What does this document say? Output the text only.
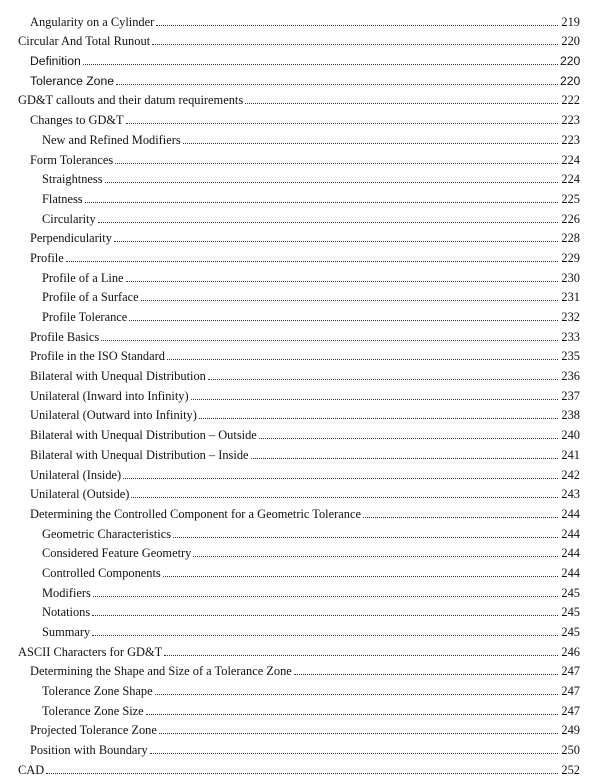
Angularity on a Cylinder	219
Circular And Total Runout	220
Definition	220
Tolerance Zone	220
GD&T callouts and their datum requirements	222
Changes to GD&T	223
New and Refined Modifiers	223
Form Tolerances	224
Straightness	224
Flatness	225
Circularity	226
Perpendicularity	228
Profile	229
Profile of a Line	230
Profile of a Surface	231
Profile Tolerance	232
Profile Basics	233
Profile in the ISO Standard	235
Bilateral with Unequal Distribution	236
Unilateral (Inward into Infinity)	237
Unilateral (Outward into Infinity)	238
Bilateral with Unequal Distribution – Outside	240
Bilateral with Unequal Distribution – Inside	241
Unilateral (Inside)	242
Unilateral (Outside)	243
Determining the Controlled Component for a Geometric Tolerance	244
Geometric Characteristics	244
Considered Feature Geometry	244
Controlled Components	244
Modifiers	245
Notations	245
Summary	245
ASCII Characters for GD&T	246
Determining the Shape and Size of a Tolerance Zone	247
Tolerance Zone Shape	247
Tolerance Zone Size	247
Projected Tolerance Zone	249
Position with Boundary	250
CAD	252
